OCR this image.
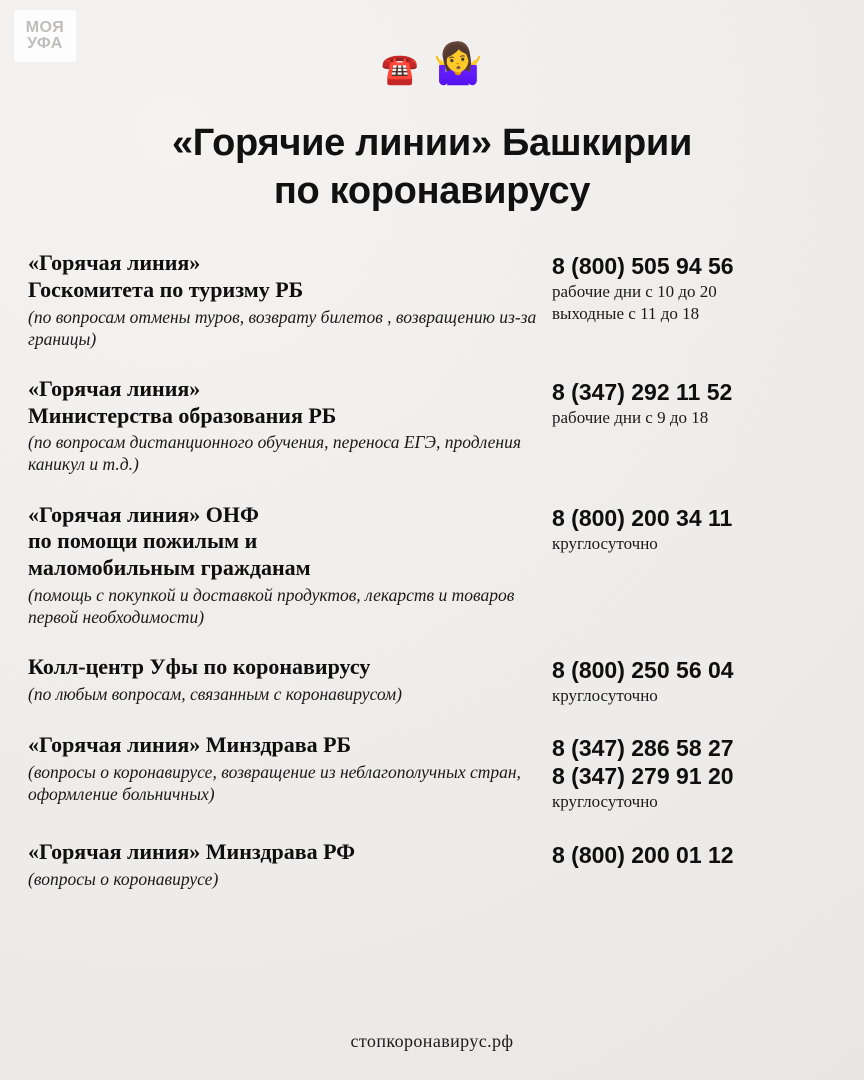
МОЯ
УФА
☎️ 🤷‍♀️
«Горячие линии» Башкирии
по коронавирусу
«Горячая линия»
Госкомитета по туризму РБ
(по вопросам отмены туров, возврату билетов , возвращению из-за границы)
8 (800) 505 94 56
рабочие дни с 10 до 20
выходные с 11 до 18
«Горячая линия»
Министерства образования РБ
(по вопросам дистанционного обучения, переноса ЕГЭ, продления каникул и т.д.)
8 (347) 292 11 52
рабочие дни с 9 до 18
«Горячая линия» ОНФ
по помощи пожилым и
маломобильным гражданам
(помощь с покупкой и доставкой продуктов, лекарств и товаров первой необходимости)
8 (800) 200 34 11
круглосуточно
Колл-центр Уфы по коронавирусу
(по любым вопросам, связанным с коронавирусом)
8 (800) 250 56 04
круглосуточно
«Горячая линия» Минздрава РБ
(вопросы о коронавирусе, возвращение из неблагополучных стран, оформление больничных)
8 (347) 286 58 27
8 (347) 279 91 20
круглосуточно
«Горячая линия» Минздрава РФ
(вопросы о коронавирусе)
8 (800) 200 01 12
стопкоронавирус.рф
